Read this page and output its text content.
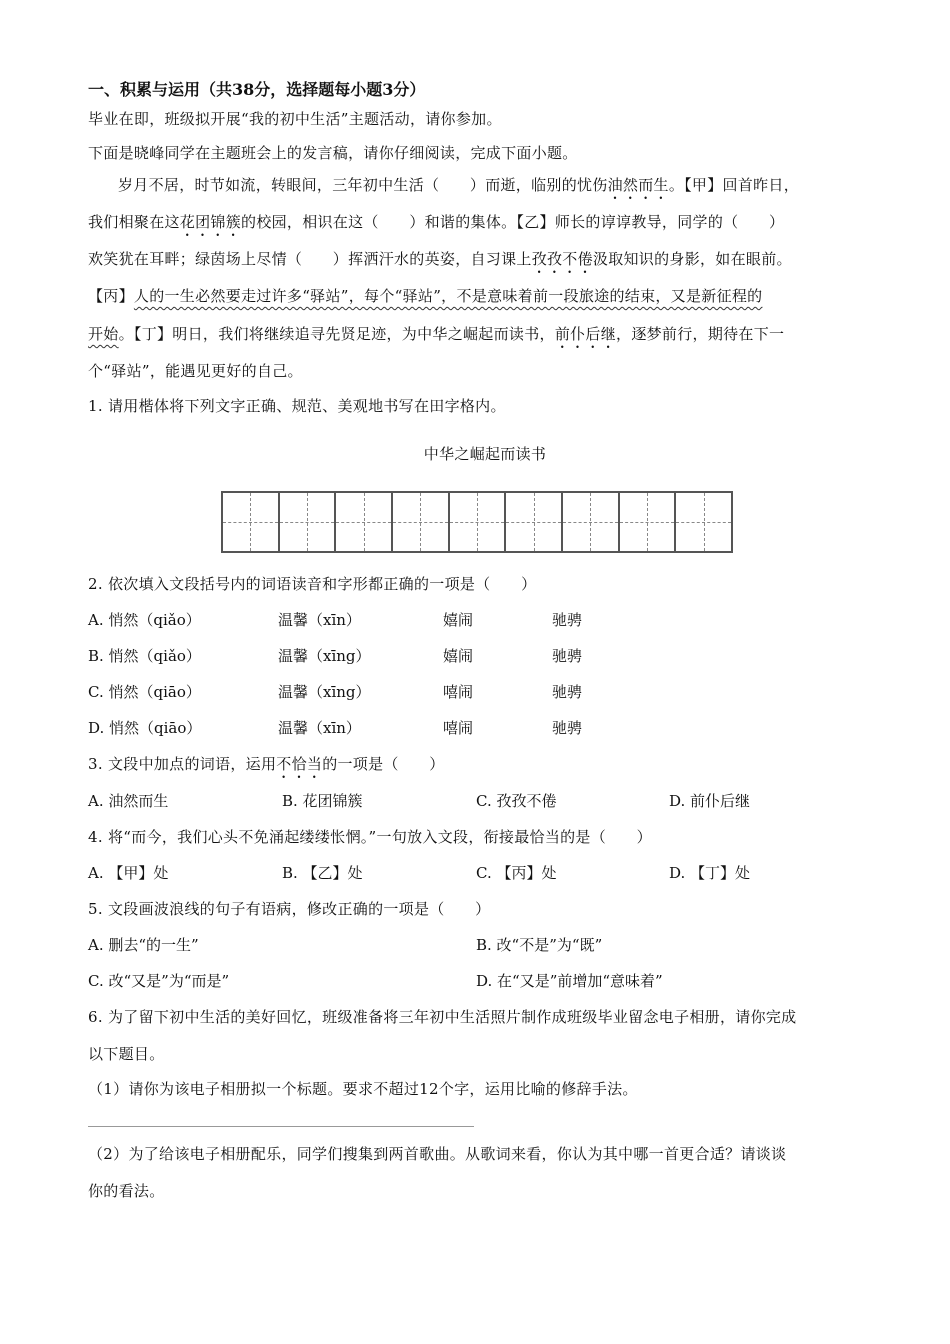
一、积累与运用（共38分，选择题每小题3分）
毕业在即，班级拟开展“我的初中生活”主题活动，请你参加。
下面是晓峰同学在主题班会上的发言稿，请你仔细阅读，完成下面小题。
岁月不居，时节如流，转眼间，三年初中生活（　　）而逝，临别的忧伤油然而生。【甲】回首昨日，
我们相聚在这花团锦簇的校园，相识在这（　　）和谐的集体。【乙】师长的谆谆教导，同学的（　　）
欢笑犹在耳畔；绿茵场上尽情（　　）挥洒汗水的英姿，自习课上孜孜不倦汲取知识的身影，如在眼前。
【丙】人的一生必然要走过许多“驿站”，每个“驿站”，不是意味着前一段旅途的结束，又是新征程的
开始。【丁】明日，我们将继续追寻先贤足迹，为中华之崛起而读书，前仆后继，逐梦前行，期待在下一
个“驿站”，能遇见更好的自己。
1. 请用楷体将下列文字正确、规范、美观地书写在田字格内。
中华之崛起而读书
2. 依次填入文段括号内的词语读音和字形都正确的一项是（　　）
A. 悄然（qiǎo）	温馨（xīn）	嬉闹	驰骋
B. 悄然（qiǎo）	温馨（xīng）	嬉闹	驰骋
C. 悄然（qiāo）	温馨（xīng）	嘻闹	驰骋
D. 悄然（qiāo）	温馨（xīn）	嘻闹	驰骋
3. 文段中加点的词语，运用不恰当的一项是（　　）
A. 油然而生	B. 花团锦簇	C. 孜孜不倦	D. 前仆后继
4. 将“而今，我们心头不免涌起缕缕怅惘。”一句放入文段，衔接最恰当的是（　　）
A. 【甲】处	B. 【乙】处	C. 【丙】处	D. 【丁】处
5. 文段画波浪线的句子有语病，修改正确的一项是（　　）
A. 删去“的一生”	B. 改“不是”为“既”
C. 改“又是”为“而是”	D. 在“又是”前增加“意味着”
6. 为了留下初中生活的美好回忆，班级准备将三年初中生活照片制作成班级毕业留念电子相册，请你完成
以下题目。
（1）请你为该电子相册拟一个标题。要求不超过12个字，运用比喻的修辞手法。
（2）为了给该电子相册配乐，同学们搜集到两首歌曲。从歌词来看，你认为其中哪一首更合适？请谈谈
你的看法。
